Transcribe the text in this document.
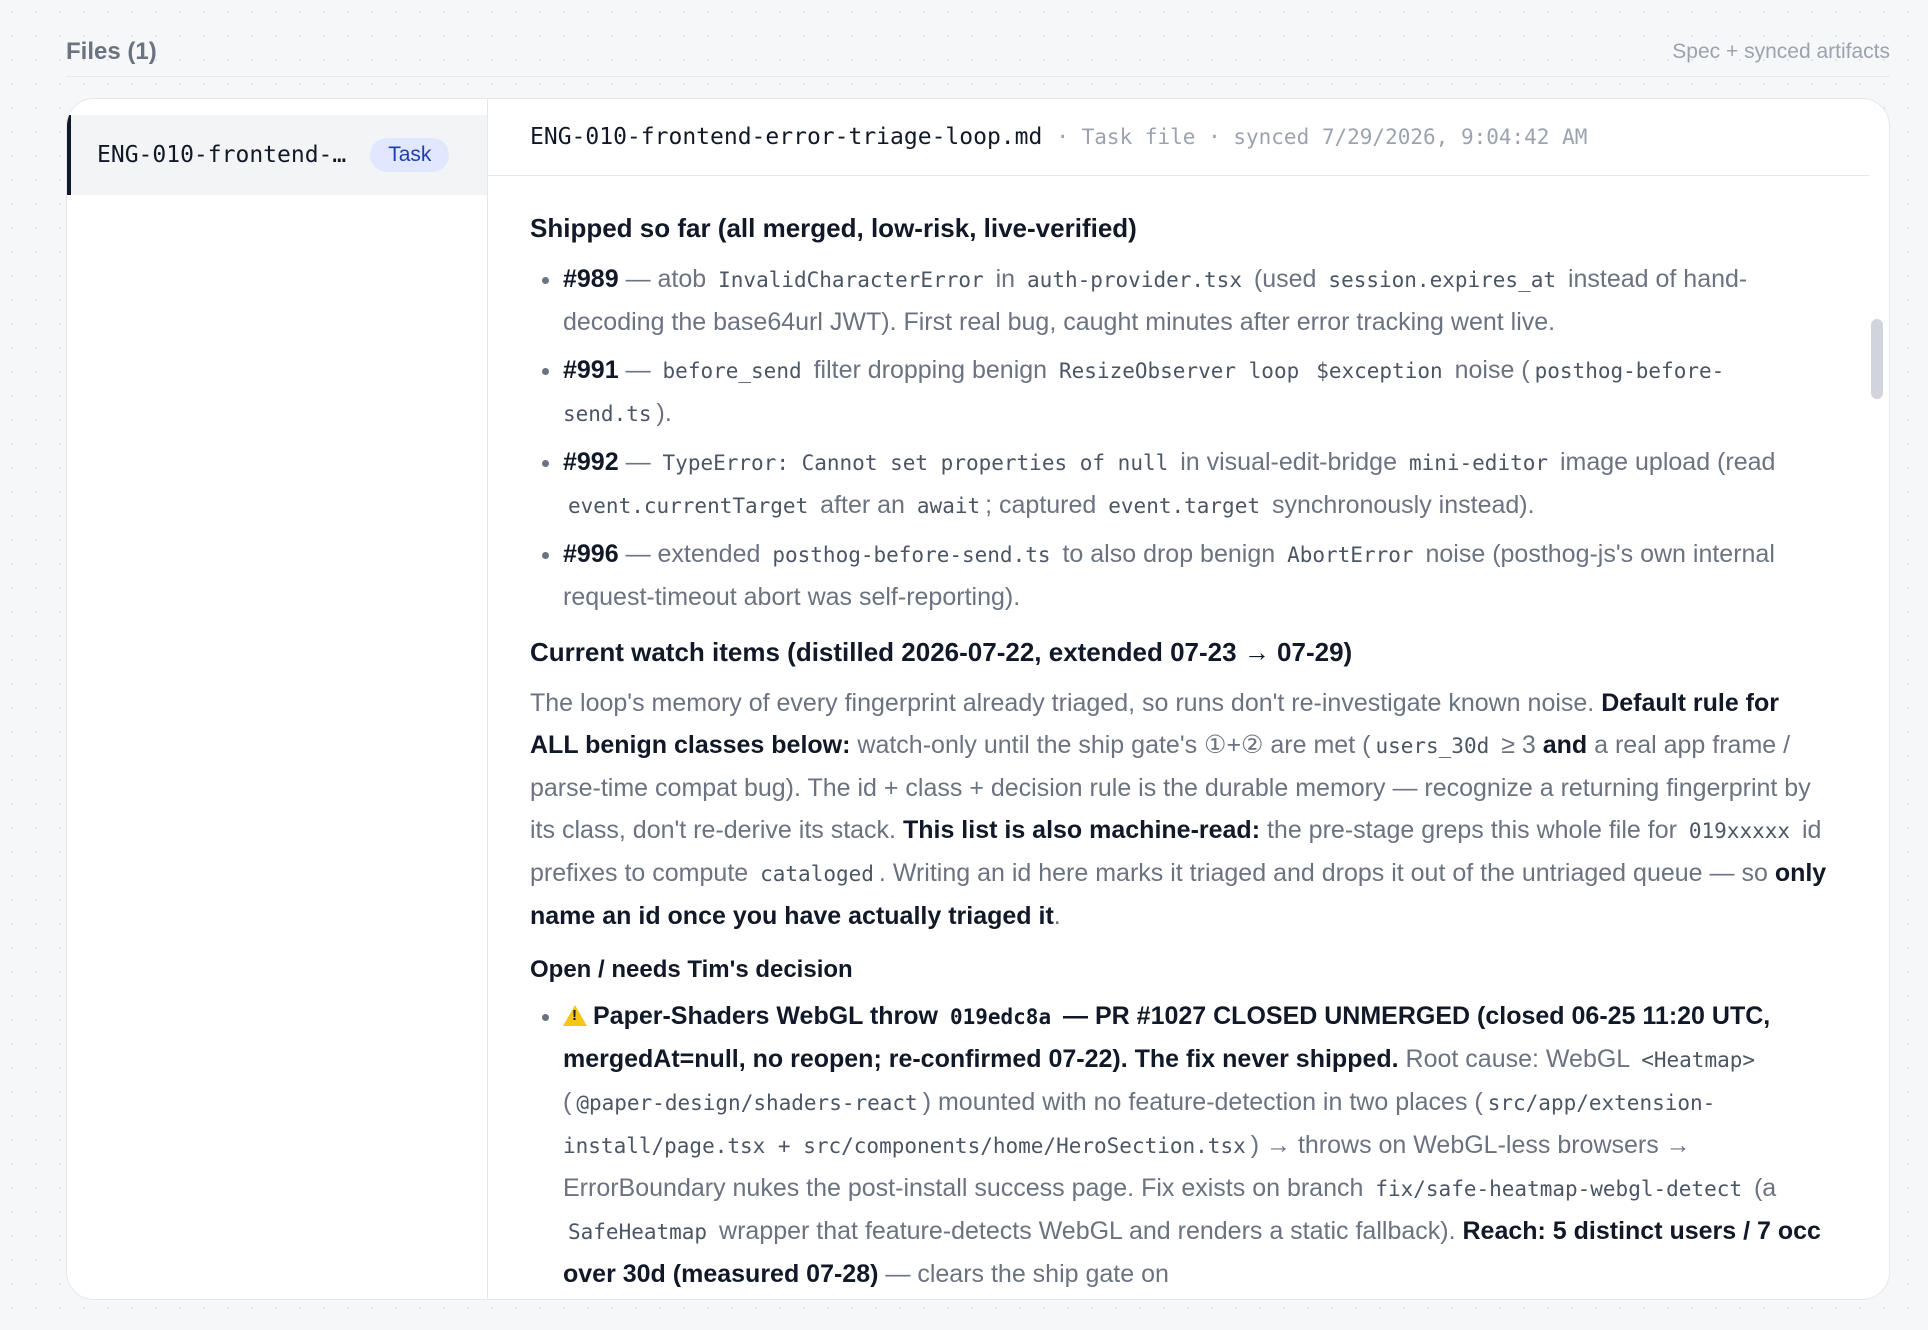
Files (1)	Spec + synced artifacts
ENG-010-frontend-…	Task
ENG-010-frontend-error-triage-loop.md · Task file · synced 7/29/2026, 9:04:42 AM
Shipped so far (all merged, low-risk, live-verified)
• #989 — atob InvalidCharacterError in auth-provider.tsx (used session.expires_at instead of hand-decoding the base64url JWT). First real bug, caught minutes after error tracking went live.
• #991 — before_send filter dropping benign ResizeObserver loop $exception noise ( posthog-before-send.ts ).
• #992 — TypeError: Cannot set properties of null in visual-edit-bridge mini-editor image upload (read event.currentTarget after an await ; captured event.target synchronously instead).
• #996 — extended posthog-before-send.ts to also drop benign AbortError noise (posthog-js's own internal request-timeout abort was self-reporting).
Current watch items (distilled 2026-07-22, extended 07-23 → 07-29)

The loop's memory of every fingerprint already triaged, so runs don't re-investigate known noise. Default rule for ALL benign classes below: watch-only until the ship gate's ①+② are met ( users_30d ≥ 3 and a real app frame / parse-time compat bug). The id + class + decision rule is the durable memory — recognize a returning fingerprint by its class, don't re-derive its stack. This list is also machine-read: the pre-stage greps this whole file for 019xxxxx id prefixes to compute cataloged . Writing an id here marks it triaged and drops it out of the untriaged queue — so only name an id once you have actually triaged it.

Open / needs Tim's decision
!• Paper-Shaders WebGL throw 019edc8a — PR #1027 CLOSED UNMERGED (closed 06-25 11:20 UTC, mergedAt=null, no reopen; re-confirmed 07-22). The fix never shipped. Root cause: WebGL <Heatmap> ( @paper-design/shaders-react ) mounted with no feature-detection in two places ( src/app/extension-install/page.tsx + src/components/home/HeroSection.tsx ) → throws on WebGL-less browsers → ErrorBoundary nukes the post-install success page. Fix exists on branch fix/safe-heatmap-webgl-detect (a SafeHeatmap wrapper that feature-detects WebGL and renders a static fallback). Reach: 5 distinct users / 7 occ over 30d (measured 07-28) — clears the ship gate on
